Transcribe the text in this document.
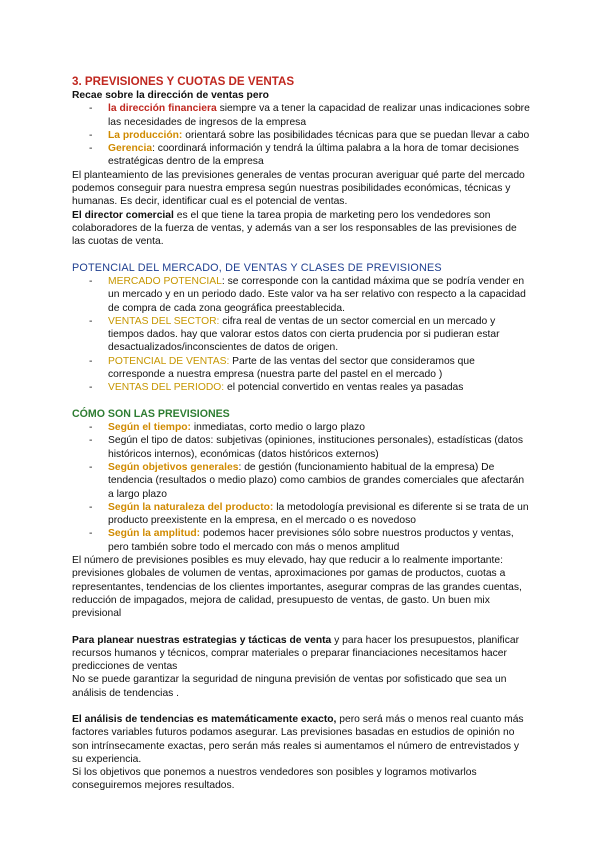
3. PREVISIONES Y CUOTAS DE VENTAS
Recae sobre la dirección de ventas pero
- la dirección financiera siempre va a tener la capacidad de realizar unas indicaciones sobre las necesidades de ingresos de la empresa
- La producción: orientará sobre las posibilidades técnicas para que se puedan llevar a cabo
- Gerencia: coordinará información y tendrá la última palabra a la hora de tomar decisiones estratégicas dentro de la empresa

El planteamiento de las previsiones generales de ventas procuran averiguar qué parte del mercado podemos conseguir para nuestra empresa según nuestras posibilidades económicas, técnicas y humanas. Es decir, identificar cual es el potencial de ventas.

El director comercial es el que tiene la tarea propia de marketing pero los vendedores son colaboradores de la fuerza de ventas, y además van a ser los responsables de las previsiones de las cuotas de venta.

POTENCIAL DEL MERCADO, DE VENTAS Y CLASES DE PREVISIONES
- MERCADO POTENCIAL: se corresponde con la cantidad máxima que se podría vender en un mercado y en un periodo dado. Este valor va ha ser relativo con respecto a la capacidad de compra de cada zona geográfica preestablecida.
- VENTAS DEL SECTOR: cifra real de ventas de un sector comercial en un mercado y tiempos dados. hay que valorar estos datos con cierta prudencia por si pudieran estar desactualizados/inconscientes de datos de origen.
- POTENCIAL DE VENTAS: Parte de las ventas del sector que consideramos que corresponde a nuestra empresa (nuestra parte del pastel en el mercado )
- VENTAS DEL PERIODO: el potencial convertido en ventas reales ya pasadas
CÓMO SON LAS PREVISIONES
- Según el tiempo: inmediatas, corto medio o largo plazo
- Según el tipo de datos: subjetivas (opiniones, instituciones personales), estadísticas (datos históricos internos), económicas (datos históricos externos)
- Según objetivos generales: de gestión (funcionamiento habitual de la empresa) De tendencia (resultados o medio plazo) como cambios de grandes comerciales que afectarán a largo plazo
- Según la naturaleza del producto: la metodología previsional es diferente si se trata de un producto preexistente en la empresa, en el mercado o es novedoso
- Según la amplitud: podemos hacer previsiones sólo sobre nuestros productos y ventas, pero también sobre todo el mercado con más o menos amplitud

El número de previsiones posibles es muy elevado, hay que reducir a lo realmente importante: previsiones globales de volumen de ventas, aproximaciones por gamas de productos, cuotas a representantes, tendencias de los clientes importantes, asegurar compras de las grandes cuentas, reducción de impagados, mejora de calidad, presupuesto de ventas, de gasto. Un buen mix previsional

Para planear nuestras estrategias y tácticas de venta y para hacer los presupuestos, planificar recursos humanos y técnicos, comprar materiales o preparar financiaciones necesitamos hacer predicciones de ventas

No se puede garantizar la seguridad de ninguna previsión de ventas por sofisticado que sea un análisis de tendencias .

El análisis de tendencias es matemáticamente exacto, pero será más o menos real cuanto más factores variables futuros podamos asegurar. Las previsiones basadas en estudios de opinión no son intrínsecamente exactas, pero serán más reales si aumentamos el número de entrevistados y su experiencia.

Si los objetivos que ponemos a nuestros vendedores son posibles y logramos motivarlos conseguiremos mejores resultados.
